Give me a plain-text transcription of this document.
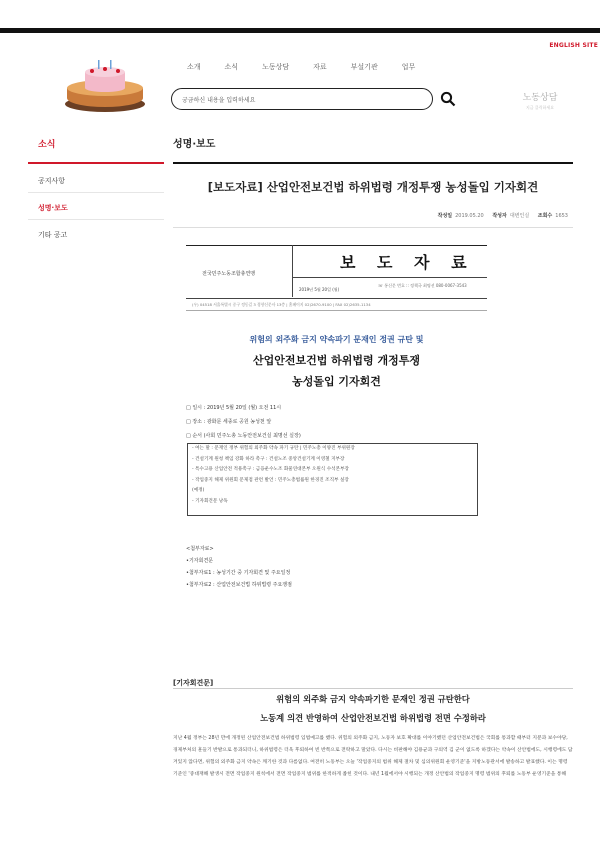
ENGLISH SITE
소개	소식	노동상담	자료	부설기관	업무
궁금하신 내용을 입력하세요	노동상담
지금 클릭하세요
소식
공지사항
성명·보도
기타 공고
성명·보도
[보도자료] 산업안전보건법 하위법령 개정투쟁 농성돌입 기자회견
작성일 2019.05.20 작성자 대변인실 조회수 1653
전국민주노동조합총연맹
보 도 자 료
2019년 5월 20일 (월)
☏ 통신문 번호 :: 정책국 최명선 080-0067-3543
(우) 04518 서울특별시 중구 정동길 3 경향신문사 13층 | 홈페이지 02)2670-9100 | FAX 02)2635-1134
위험의 외주화 금지 약속파기 문재인 정권 규탄 및
산업안전보건법 하위법령 개정투쟁
농성돌입 기자회견
□ 일시 : 2019년 5월 20일 (월) 오전 11시
□ 장소 : 광화문 세종로 공원 농성천 앞
□ 순서 (사회 민주노총 노동안전보건실 최명선 실장)
- 여는 말 : 문재인 정부 위험의 외주화 약속 파기 규탄 | 민주노총 이양진 부위원장
- 건설기계 원청 책임 강화 하라 촉구 : 건설노조 중앙건설기계 이영철 지부장
- 특수고용 산업안전 적용촉구 : 금융운수노조 화물연대본부 오원식 수석본부장
- 작업중지 해제 위원회 문제점 관련 발언 : 민주노총법률원 한경진 조직부 실장
(예정)
- 기자회견문 낭독
<첨부자료>
•기자회견문
•첨부자료1 : 농성기간 중 기자회견 및 주요일정
•첨부자료2 : 산업안전보건법 하위법령 주요쟁점
[기자회견문]
위험의 외주화 금지 약속파기한 문재인 정권 규탄한다
노동계 의견 반영하여 산업안전보건법 하위법령 전면 수정하라
지난 4월 정부는 28년 만에 개정된 산업안전보건법 하위법령 입법예고를 했다. 위험의 외주화 금지, 노동자 보호 확대를 이야기했던 산업안전보건법은 국회를 통과할 때부터 지분과 보수야당, 경제부처의 훈들기 반발으로 통과되더니, 하위법령은 더욱 후퇴하여 빈 반쪽으로 전락하고 말았다. 다시는 비판해야 김용균과 구의역 김 군이 없도록 하겠다는 약속이 산안법에도, 시행령에도 담겨있지 않다면, 위험의 외주화 금지 약속은 깨기한 것과 다름없다. 여전히 노동부는 오늘 '작업중지의 범위 해제 절차 및 심의위원회 운영기준'을 지방노동관서에 발송하고 발표했다. 이는 명령 기준인 '중대재해 발생시 전면 작업중지 원칙에서 전면 작업중지 범위를 한적하게 좁힌 것이다. 내년 1월에서야 시행되는 개정 산안법의 작업중지 명령 범위의 후퇴를 노동부 운영기준을 통해
